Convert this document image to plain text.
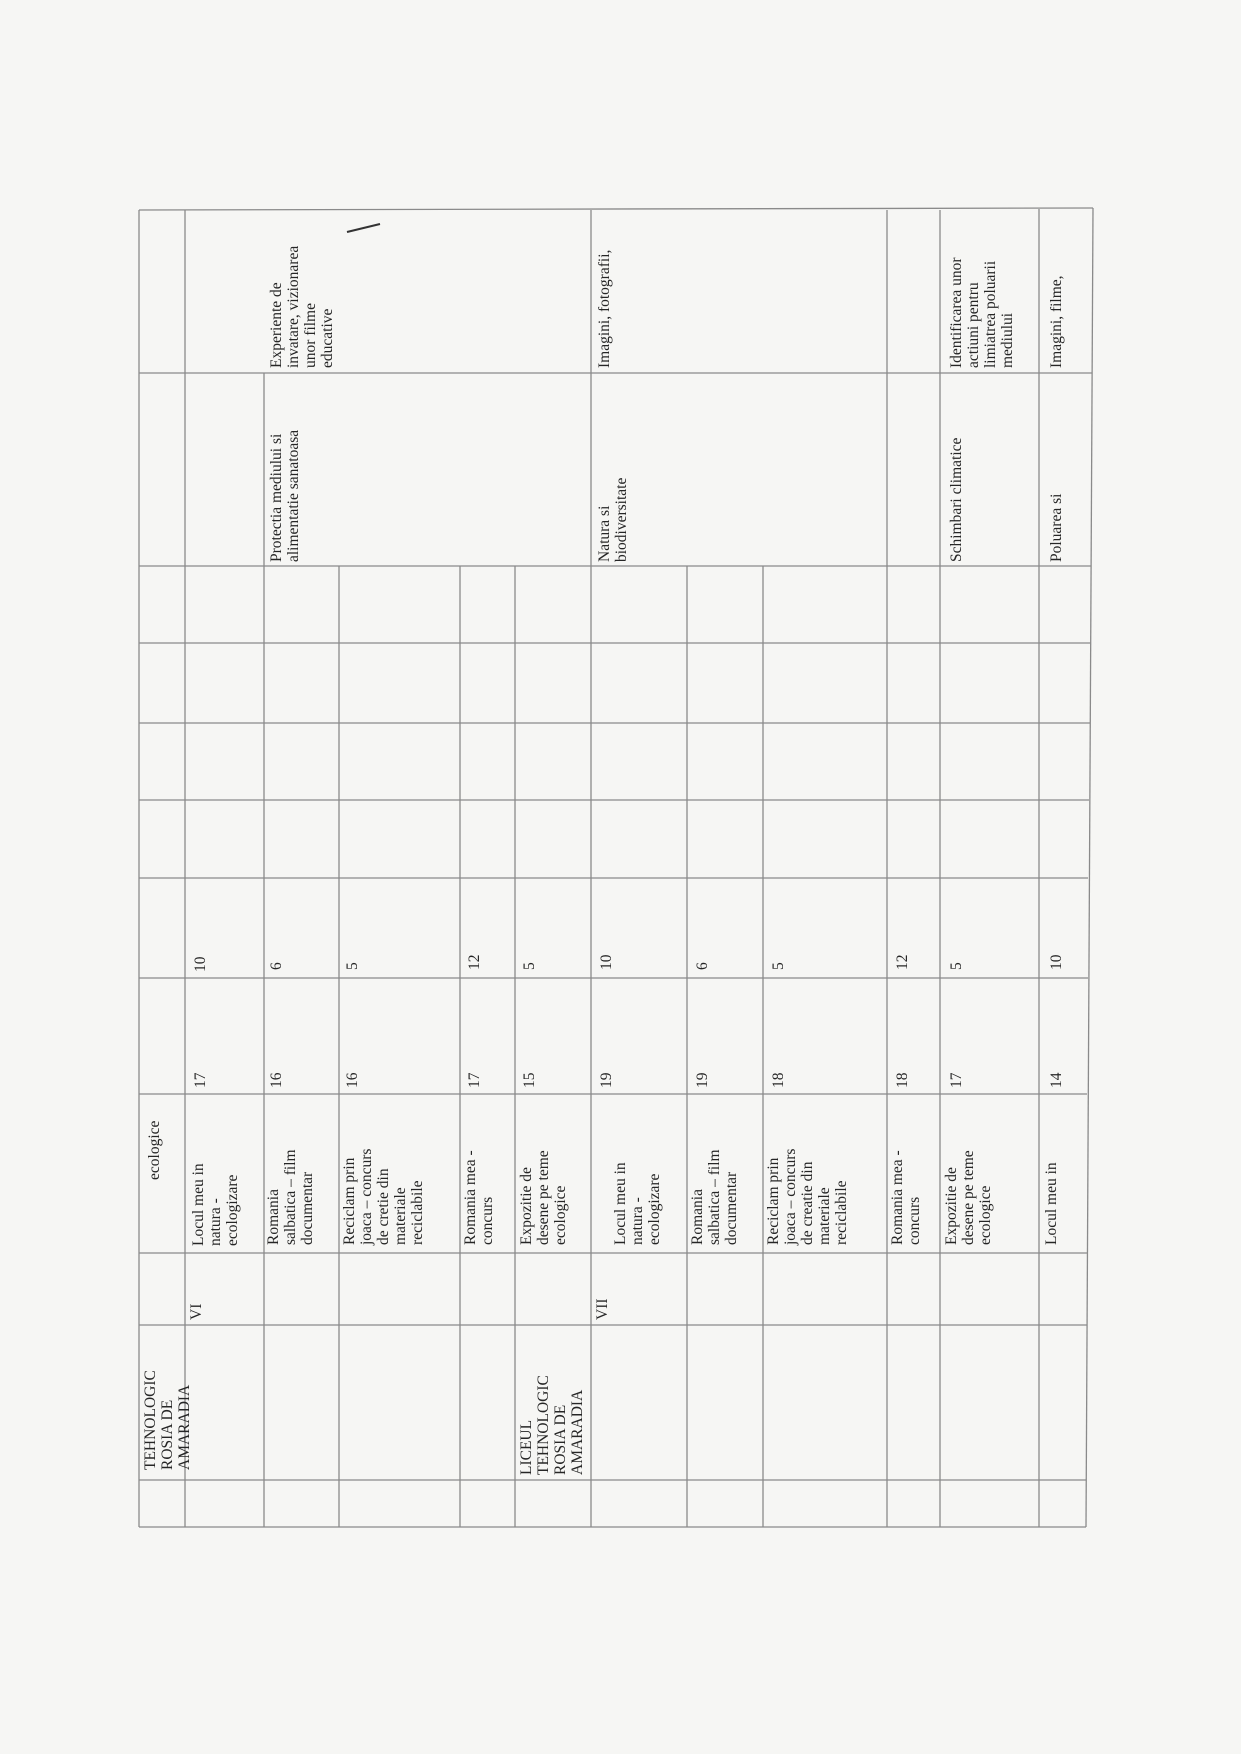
TEHNOLOGIC
ROSIA DE
AMARADIA
ecologice
VI
Locul meu in
natura -
ecologizare
17
10
Romania
salbatica – film
documentar
16
6
Protectia mediului si
alimentatie sanatoasa
Experiente de
invatare, vizionarea
unor filme
educative
Reciclam prin
joaca – concurs
de cretie din
materiale
reciclabile
16
5
Romania mea -
concurs
17
12
LICEUL
TEHNOLOGIC
ROSIA DE
AMARADIA
Expozitie de
desene pe teme
ecologice
15
5
VII
Locul meu in
natura -
ecologizare
19
10
Natura si
biodiversitate
Imagini, fotografii,
Romania
salbatica – film
documentar
19
6
Reciclam prin
joaca – concurs
de creatie din
materiale
reciclabile
18
5
Romania mea -
concurs
18
12
Expozitie de
desene pe teme
ecologice
17
5
Schimbari climatice
Identificarea unor
actiuni pentru
limiatrea poluarii
mediului
Locul meu in
14
10
Poluarea si
Imagini, filme,
